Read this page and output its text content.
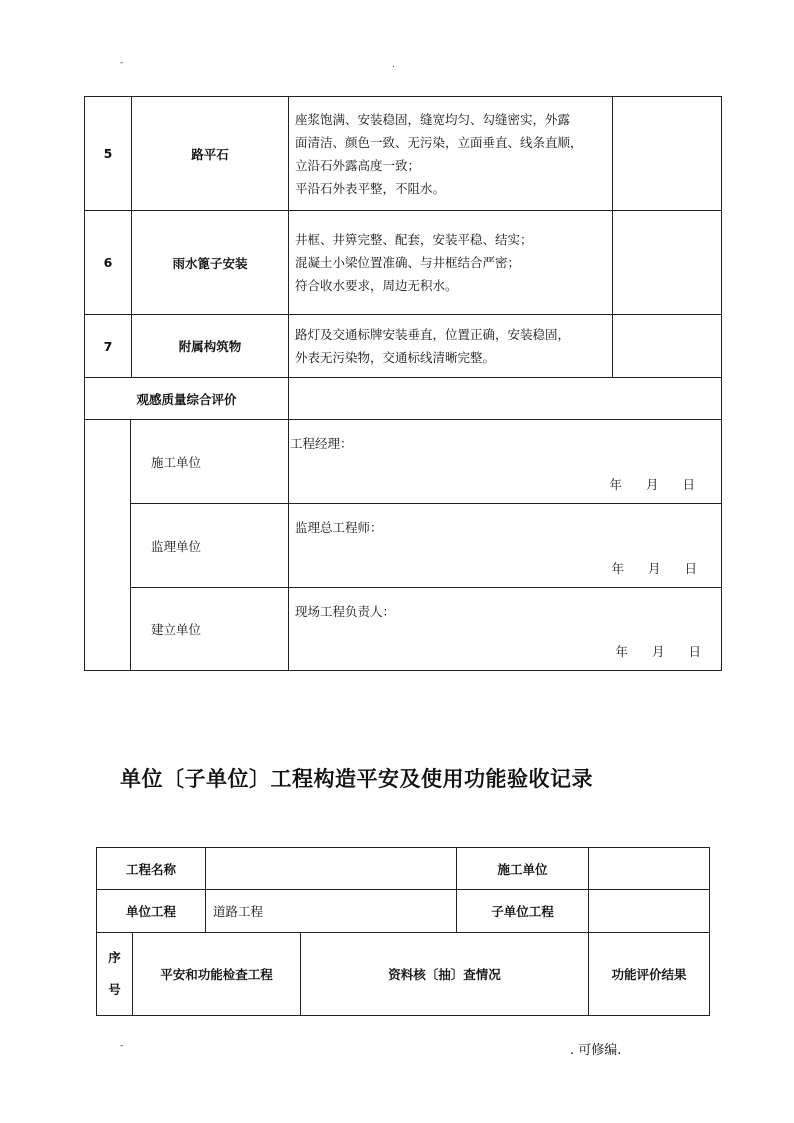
-	.
5	路平石	座浆饱满、安装稳固，缝宽均匀、勾缝密实，外露
面清洁、颜色一致、无污染，立面垂直、线条直顺，
立沿石外露高度一致；
平沿石外表平整，不阻水。	

6	雨水篦子安装	井框、井箅完整、配套，安装平稳、结实；
混凝土小梁位置准确、与井框结合严密；
符合收水要求，周边无积水。	

7	附属构筑物	路灯及交通标牌安装垂直，位置正确，安装稳固，
外表无污染物，交通标线清晰完整。	

观感质量综合评价			
	施工单位	工程经理：
年 月 日

	监理单位	监理总工程师：
年 月 日

	建立单位	现场工程负责人：
年 月 日
单位〔子单位〕工程构造平安及使用功能验收记录
工程名称				施工单位	
单位工程		道路工程		子单位工程	

序
号	平安和功能检查工程		资料核〔抽〕查情况		功能评价结果
-	. 可修编.
